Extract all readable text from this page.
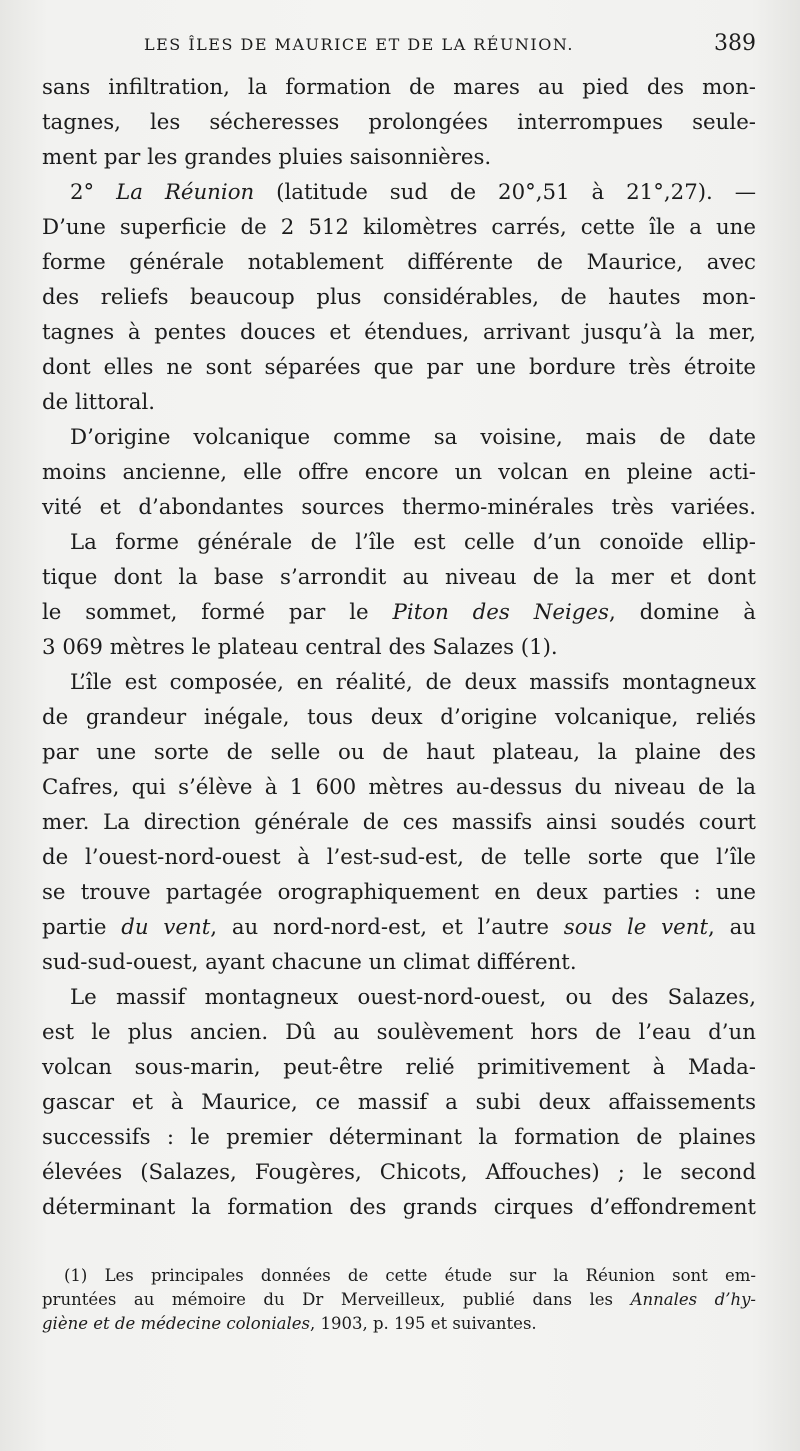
LES ÎLES DE MAURICE ET DE LA RÉUNION.	389
sans infiltration, la formation de mares au pied des mon-
tagnes, les sécheresses prolongées interrompues seule-
ment par les grandes pluies saisonnières.
2° La Réunion (latitude sud de 20°,51 à 21°,27). —
D’une superficie de 2 512 kilomètres carrés, cette île a une
forme générale notablement différente de Maurice, avec
des reliefs beaucoup plus considérables, de hautes mon-
tagnes à pentes douces et étendues, arrivant jusqu’à la mer,
dont elles ne sont séparées que par une bordure très étroite
de littoral.
D’origine volcanique comme sa voisine, mais de date
moins ancienne, elle offre encore un volcan en pleine acti-
vité et d’abondantes sources thermo-minérales très variées.
La forme générale de l’île est celle d’un conoïde ellip-
tique dont la base s’arrondit au niveau de la mer et dont
le sommet, formé par le Piton des Neiges, domine à
3 069 mètres le plateau central des Salazes (1).
L’île est composée, en réalité, de deux massifs montagneux
de grandeur inégale, tous deux d’origine volcanique, reliés
par une sorte de selle ou de haut plateau, la plaine des
Cafres, qui s’élève à 1 600 mètres au-dessus du niveau de la
mer. La direction générale de ces massifs ainsi soudés court
de l’ouest-nord-ouest à l’est-sud-est, de telle sorte que l’île
se trouve partagée orographiquement en deux parties : une
partie du vent, au nord-nord-est, et l’autre sous le vent, au
sud-sud-ouest, ayant chacune un climat différent.
Le massif montagneux ouest-nord-ouest, ou des Salazes,
est le plus ancien. Dû au soulèvement hors de l’eau d’un
volcan sous-marin, peut-être relié primitivement à Mada-
gascar et à Maurice, ce massif a subi deux affaissements
successifs : le premier déterminant la formation de plaines
élevées (Salazes, Fougères, Chicots, Affouches) ; le second
déterminant la formation des grands cirques d’effondrement
(1) Les principales données de cette étude sur la Réunion sont em-
pruntées au mémoire du Dr Merveilleux, publié dans les Annales d’hy-
giène et de médecine coloniales, 1903, p. 195 et suivantes.
